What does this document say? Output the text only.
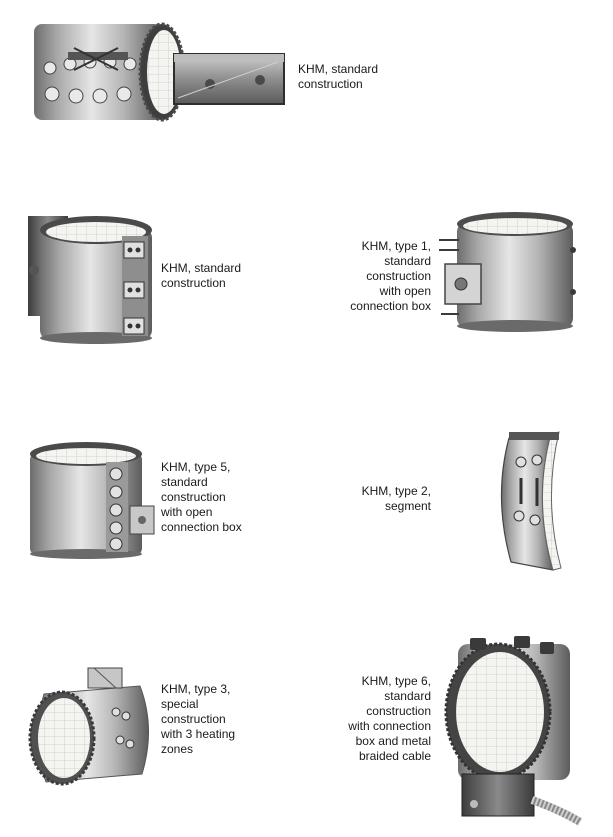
KHM, standard
construction
KHM, standard
construction
KHM, type 1,
standard
construction
with open
connection box
KHM, type 5,
standard
construction
with open
connection box
KHM, type 2,
segment
KHM, type 3,
special
construction
with 3 heating
zones
KHM, type 6,
standard
construction
with connection
box and metal
braided cable
